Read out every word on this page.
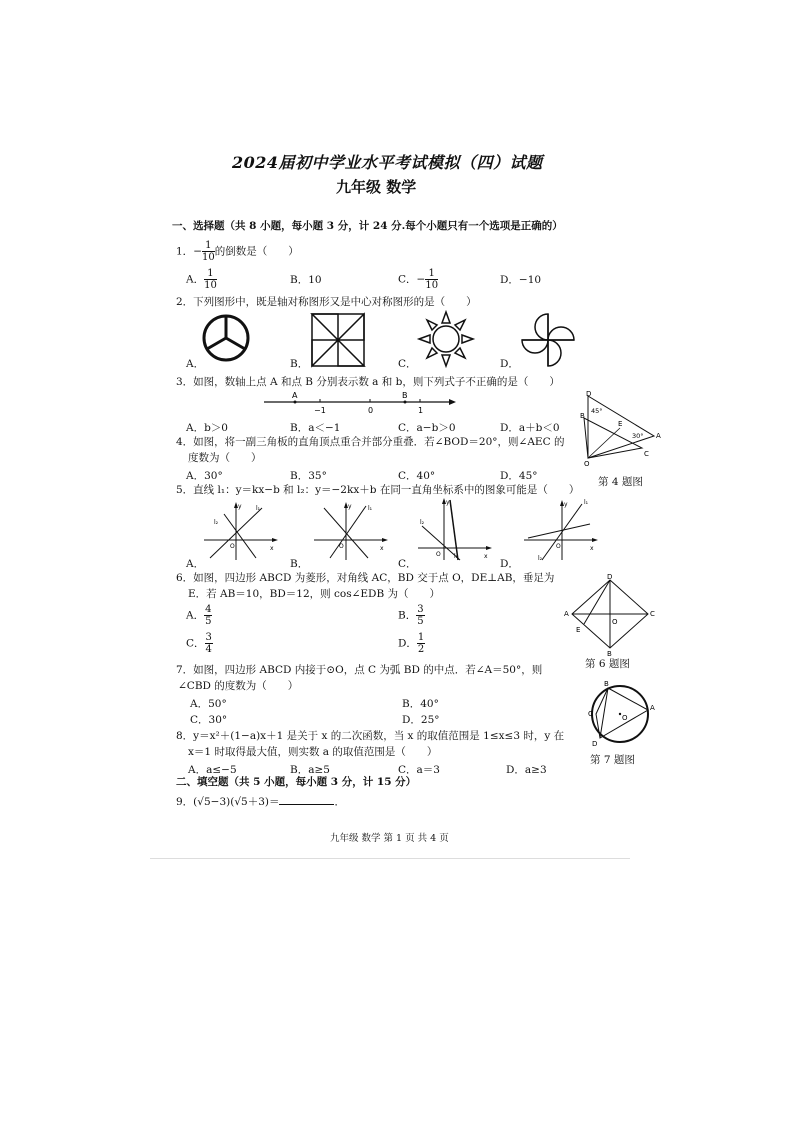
2024届初中学业水平考试模拟（四）试题
九年级 数学
一、选择题（共 8 小题，每小题 3 分，计 24 分.每个小题只有一个选项是正确的）
1．− $\frac{1}{10}$ 的倒数是（　　）
A． $\frac{1}{10}$	B．10	C．− $\frac{1}{10}$	D．−10
2．下列图形中，既是轴对称图形又是中心对称图形的是（　　）
A．	B．	C．	D．
3．如图，数轴上点 A 和点 B 分别表示数 a 和 b，则下列式子不正确的是（　　）
A	B
−1	0	1
A．b＞0	B．a＜−1	C．a−b＞0	D．a＋b＜0
D
B
45°
E
30° A
O
C
第 4 题图
4．如图，将一副三角板的直角顶点重合并部分重叠．若∠BOD＝20°，则∠AEC 的
度数为（　　）
A．30°	B．35°	C．40°	D．45°
5．直线 l₁：y＝kx−b 和 l₂：y＝−2kx＋b 在同一直角坐标系中的图象可能是（　　）
y
x
O
l₁
l₂
y
x
O
l₁
y
x
O l₁
l₂
y
x
O
l₁
l₂
A．	B．	C．	D．
6．如图，四边形 ABCD 为菱形，对角线 AC，BD 交于点 O，DE⊥AB，垂足为
E．若 AB＝10，BD＝12，则 cos∠EDB 为（　　）
A． $\frac{4}{5}$	B． $\frac{3}{5}$
C． $\frac{3}{4}$	D． $\frac{1}{2}$
D
A
E
O
C
B
第 6 题图
7．如图，四边形 ABCD 内接于⊙O，点 C 为弧 BD 的中点．若∠A＝50°，则
∠CBD 的度数为（　　）
A．50°	B．40°
C．30°	D．25°
B
C	O
D
A
第 7 题图
8．y＝x²＋(1−a)x＋1 是关于 x 的二次函数，当 x 的取值范围是 1≤x≤3 时，y 在
x＝1 时取得最大值，则实数 a 的取值范围是（　　）
A．a≤−5	B．a≥5	C．a＝3	D．a≥3
二、填空题（共 5 小题，每小题 3 分，计 15 分）
9．(√5−3)(√5＋3)＝	．
九年级 数学 第 1 页 共 4 页
